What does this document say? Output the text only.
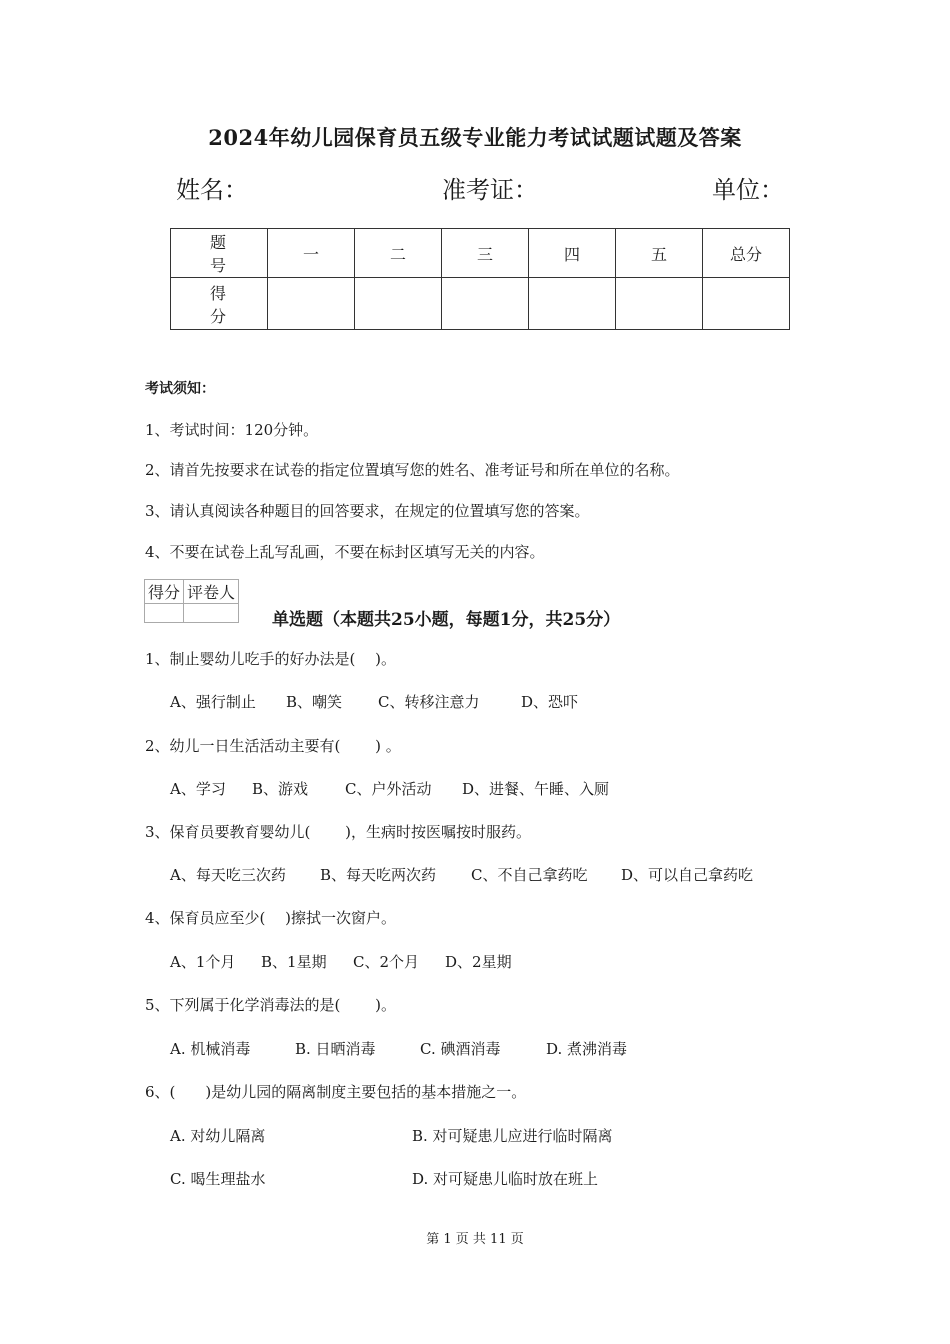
2024年幼儿园保育员五级专业能力考试试题试题及答案
姓名：	准考证：	单位：
题　号	一	二	三	四	五	总分
得　分						
考试须知：
1、考试时间：120分钟。
2、请首先按要求在试卷的指定位置填写您的姓名、准考证号和所在单位的名称。
3、请认真阅读各种题目的回答要求，在规定的位置填写您的答案。
4、不要在试卷上乱写乱画，不要在标封区填写无关的内容。
得分	评卷人

单选题（本题共25小题，每题1分，共25分）
1、制止婴幼儿吃手的好办法是(　 )。
A、强行制止 B、嘲笑 C、转移注意力	D、恐吓
2、幼儿一日生活活动主要有(　　 ) 。
A、学习 B、游戏 C、户外活动 D、进餐、午睡、入厕
3、保育员要教育婴幼儿(　　 )，生病时按医嘱按时服药。
A、每天吃三次药 B、每天吃两次药 C、不自己拿药吃 D、可以自己拿药吃
4、保育员应至少(　 )擦拭一次窗户。
A、1个月 B、1星期 C、2个月 D、2星期
5、下列属于化学消毒法的是(　　 )。
A. 机械消毒	B. 日晒消毒	C. 碘酒消毒	D. 煮沸消毒
6、(　　)是幼儿园的隔离制度主要包括的基本措施之一。
A. 对幼儿隔离	B. 对可疑患儿应进行临时隔离
C. 喝生理盐水	D. 对可疑患儿临时放在班上
第 1 页 共 11 页
